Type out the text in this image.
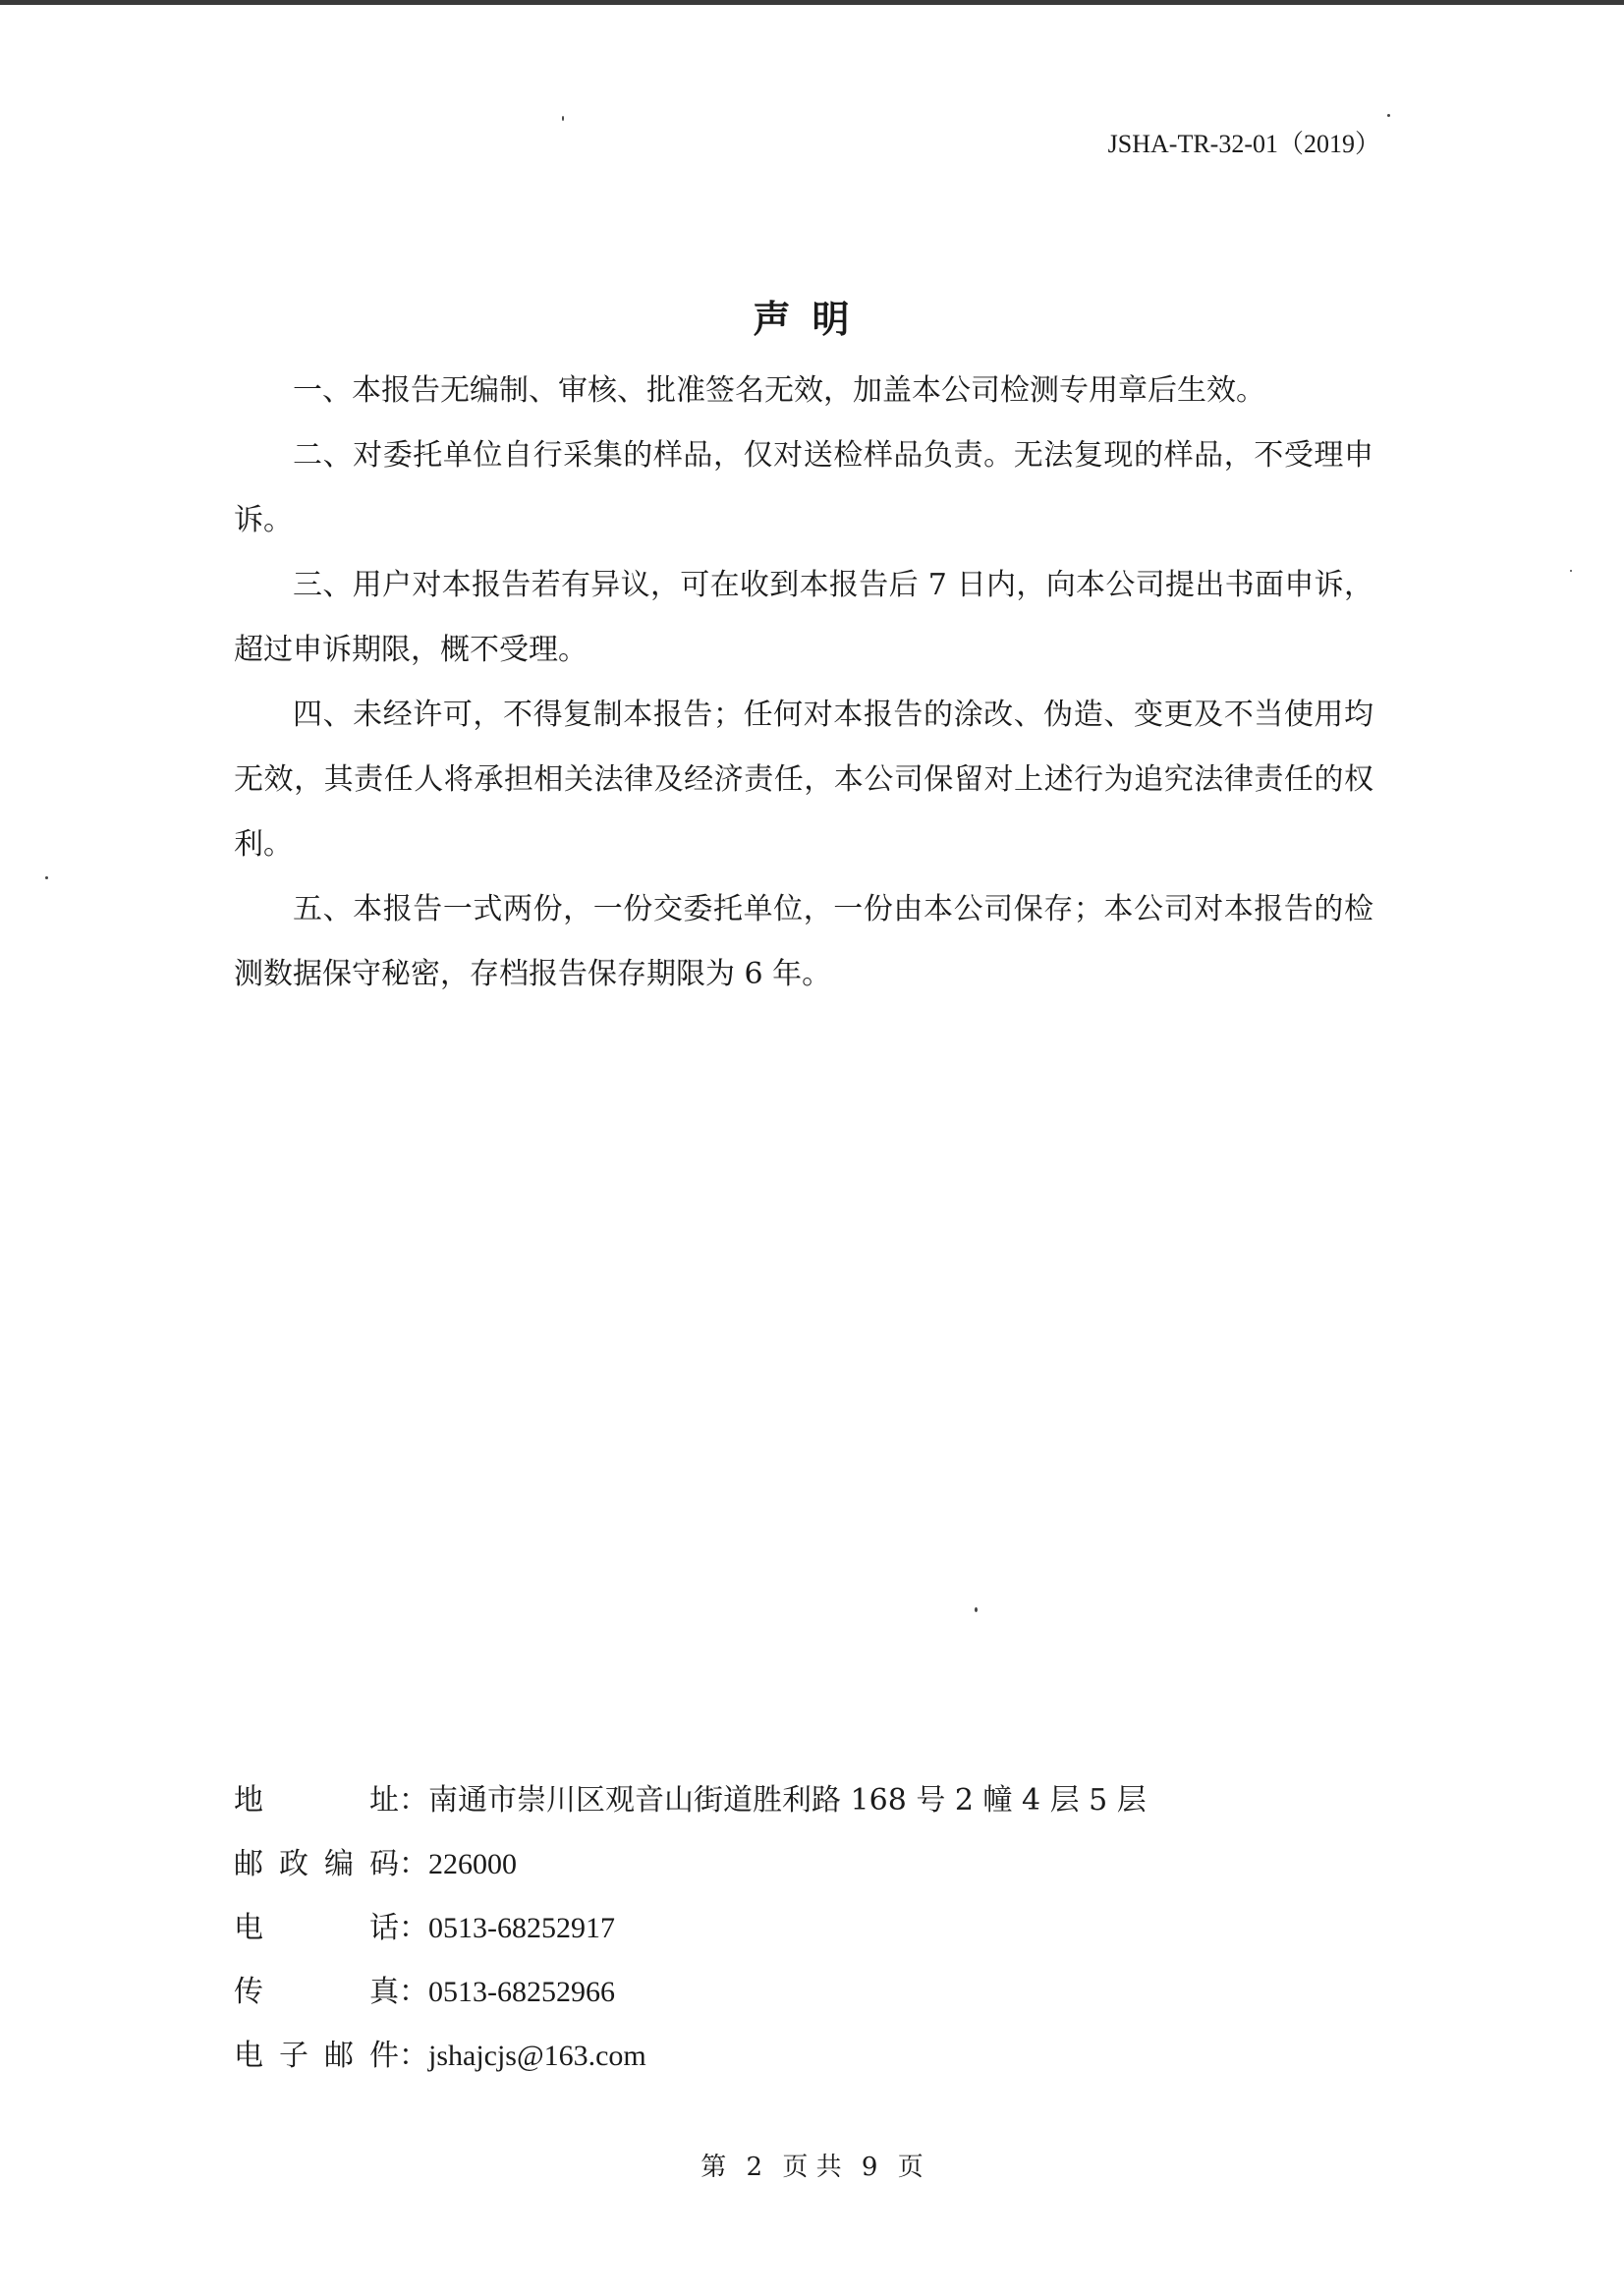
JSHA-TR-32-01（2019）
声明

一、本报告无编制、审核、批准签名无效，加盖本公司检测专用章后生效。

二、对委托单位自行采集的样品，仅对送检样品负责。无法复现的样品，不受理申诉。

三、用户对本报告若有异议，可在收到本报告后 7 日内，向本公司提出书面申诉，超过申诉期限，概不受理。

四、未经许可，不得复制本报告；任何对本报告的涂改、伪造、变更及不当使用均无效，其责任人将承担相关法律及经济责任，本公司保留对上述行为追究法律责任的权利。

五、本报告一式两份，一份交委托单位，一份由本公司保存；本公司对本报告的检测数据保守秘密，存档报告保存期限为 6 年。

地址 ： 南通市崇川区观音山街道胜利路 168 号 2 幢 4 层 5 层
邮政编码 ： 226000
电话 ： 0513-68252917
传真 ： 0513-68252966
电子邮件 ： jshajcjs@163.com
第 2 页 共 9 页
